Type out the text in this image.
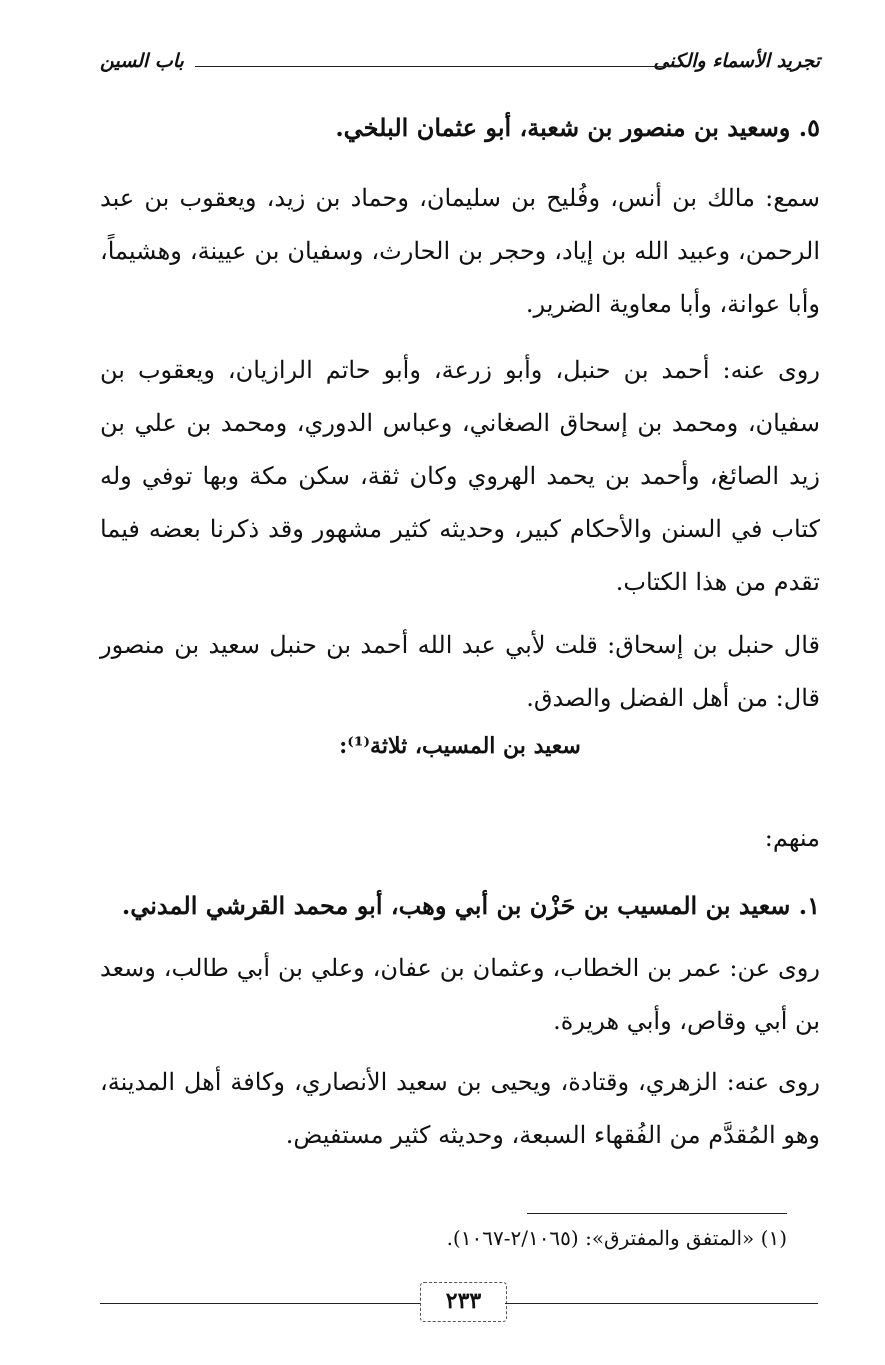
تجريد الأسماء والكنى
باب السين
٥. وسعيد بن منصور بن شعبة، أبو عثمان البلخي.
سمع: مالك بن أنس، وفُليح بن سليمان، وحماد بن زيد، ويعقوب بن عبد الرحمن، وعبيد الله بن إياد، وحجر بن الحارث، وسفيان بن عيينة، وهشيماً، وأبا عوانة، وأبا معاوية الضرير.
روى عنه: أحمد بن حنبل، وأبو زرعة، وأبو حاتم الرازيان، ويعقوب بن سفيان، ومحمد بن إسحاق الصغاني، وعباس الدوري، ومحمد بن علي بن زيد الصائغ، وأحمد بن يحمد الهروي وكان ثقة، سكن مكة وبها توفي وله كتاب في السنن والأحكام كبير، وحديثه كثير مشهور وقد ذكرنا بعضه فيما تقدم من هذا الكتاب.
قال حنبل بن إسحاق: قلت لأبي عبد الله أحمد بن حنبل سعيد بن منصور قال: من أهل الفضل والصدق.
سعيد بن المسيب، ثلاثة⁽¹⁾:
منهم:
١. سعيد بن المسيب بن حَزْن بن أبي وهب، أبو محمد القرشي المدني.
روى عن: عمر بن الخطاب، وعثمان بن عفان، وعلي بن أبي طالب، وسعد بن أبي وقاص، وأبي هريرة.
روى عنه: الزهري، وقتادة، ويحيى بن سعيد الأنصاري، وكافة أهل المدينة، وهو المُقدَّم من الفُقهاء السبعة، وحديثه كثير مستفيض.
(١) «المتفق والمفترق»: (٢/١٠٦٥-١٠٦٧).
٢٣٣
